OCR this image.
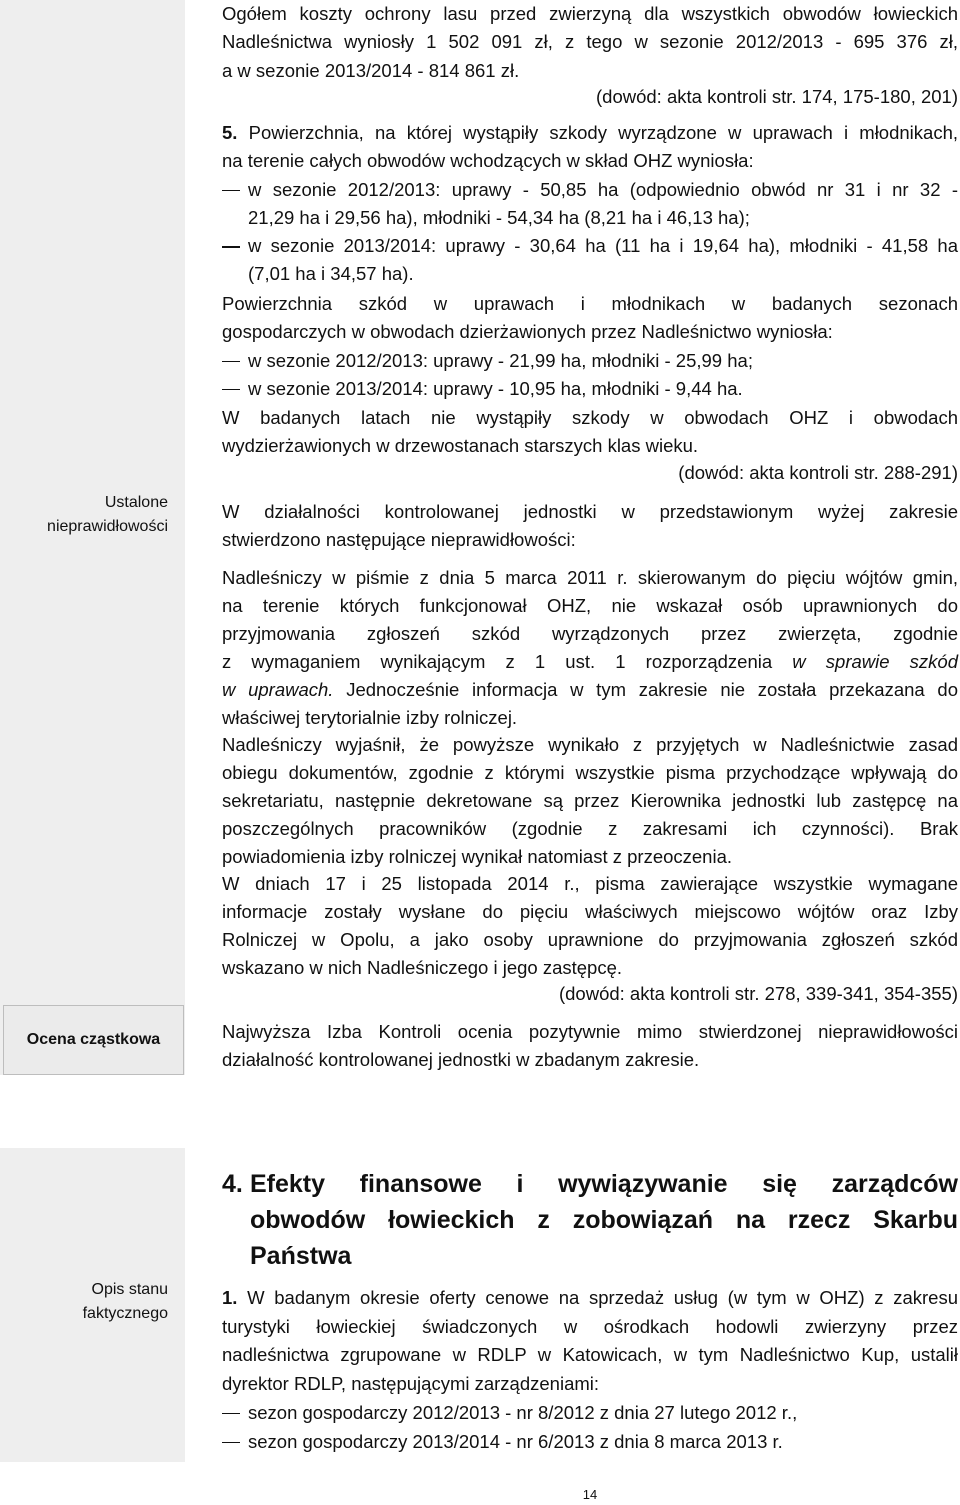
Ustalone
nieprawidłowości
Ocena cząstkowa
Opis stanu
faktycznego
Ogółem koszty ochrony lasu przed zwierzyną dla wszystkich obwodów łowieckich
Nadleśnictwa wyniosły 1 502 091 zł, z tego w sezonie 2012/2013 - 695 376 zł,
a w sezonie 2013/2014 - 814 861 zł.
(dowód: akta kontroli str. 174, 175-180, 201)
5. Powierzchnia, na której wystąpiły szkody wyrządzone w uprawach i młodnikach,
na terenie całych obwodów wchodzących w skład OHZ wyniosła:
w sezonie 2012/2013: uprawy - 50,85 ha (odpowiednio obwód nr 31 i nr 32 -
21,29 ha i 29,56 ha), młodniki - 54,34 ha (8,21 ha i 46,13 ha);
w sezonie 2013/2014: uprawy - 30,64 ha (11 ha i 19,64 ha), młodniki - 41,58 ha
(7,01 ha i 34,57 ha).
Powierzchnia szkód w uprawach i młodnikach w badanych sezonach
gospodarczych w obwodach dzierżawionych przez Nadleśnictwo wyniosła:
w sezonie 2012/2013: uprawy - 21,99 ha, młodniki - 25,99 ha;
w sezonie 2013/2014: uprawy - 10,95 ha, młodniki - 9,44 ha.
W badanych latach nie wystąpiły szkody w obwodach OHZ i obwodach
wydzierżawionych w drzewostanach starszych klas wieku.
(dowód: akta kontroli str. 288-291)
W działalności kontrolowanej jednostki w przedstawionym wyżej zakresie
stwierdzono następujące nieprawidłowości:
Nadleśniczy w piśmie z dnia 5 marca 2011 r. skierowanym do pięciu wójtów gmin,
na terenie których funkcjonował OHZ, nie wskazał osób uprawnionych do
przyjmowania zgłoszeń szkód wyrządzonych przez zwierzęta, zgodnie
z wymaganiem wynikającym z 1 ust. 1 rozporządzenia w sprawie szkód
w uprawach. Jednocześnie informacja w tym zakresie nie została przekazana do
właściwej terytorialnie izby rolniczej.
Nadleśniczy wyjaśnił, że powyższe wynikało z przyjętych w Nadleśnictwie zasad
obiegu dokumentów, zgodnie z którymi wszystkie pisma przychodzące wpływają do
sekretariatu, następnie dekretowane są przez Kierownika jednostki lub zastępcę na
poszczególnych pracowników (zgodnie z zakresami ich czynności). Brak
powiadomienia izby rolniczej wynikał natomiast z przeoczenia.
W dniach 17 i 25 listopada 2014 r., pisma zawierające wszystkie wymagane
informacje zostały wysłane do pięciu właściwych miejscowo wójtów oraz Izby
Rolniczej w Opolu, a jako osoby uprawnione do przyjmowania zgłoszeń szkód
wskazano w nich Nadleśniczego i jego zastępcę.
(dowód: akta kontroli str. 278, 339-341, 354-355)
Najwyższa Izba Kontroli ocenia pozytywnie mimo stwierdzonej nieprawidłowości
działalność kontrolowanej jednostki w zbadanym zakresie.
4. Efekty finansowe i wywiązywanie się zarządców
obwodów łowieckich z zobowiązań na rzecz Skarbu
Państwa
1. W badanym okresie oferty cenowe na sprzedaż usług (w tym w OHZ) z zakresu
turystyki łowieckiej świadczonych w ośrodkach hodowli zwierzyny przez
nadleśnictwa zgrupowane w RDLP w Katowicach, w tym Nadleśnictwo Kup, ustalił
dyrektor RDLP, następującymi zarządzeniami:
sezon gospodarczy 2012/2013 - nr 8/2012 z dnia 27 lutego 2012 r.,
sezon gospodarczy 2013/2014 - nr 6/2013 z dnia 8 marca 2013 r.
14
